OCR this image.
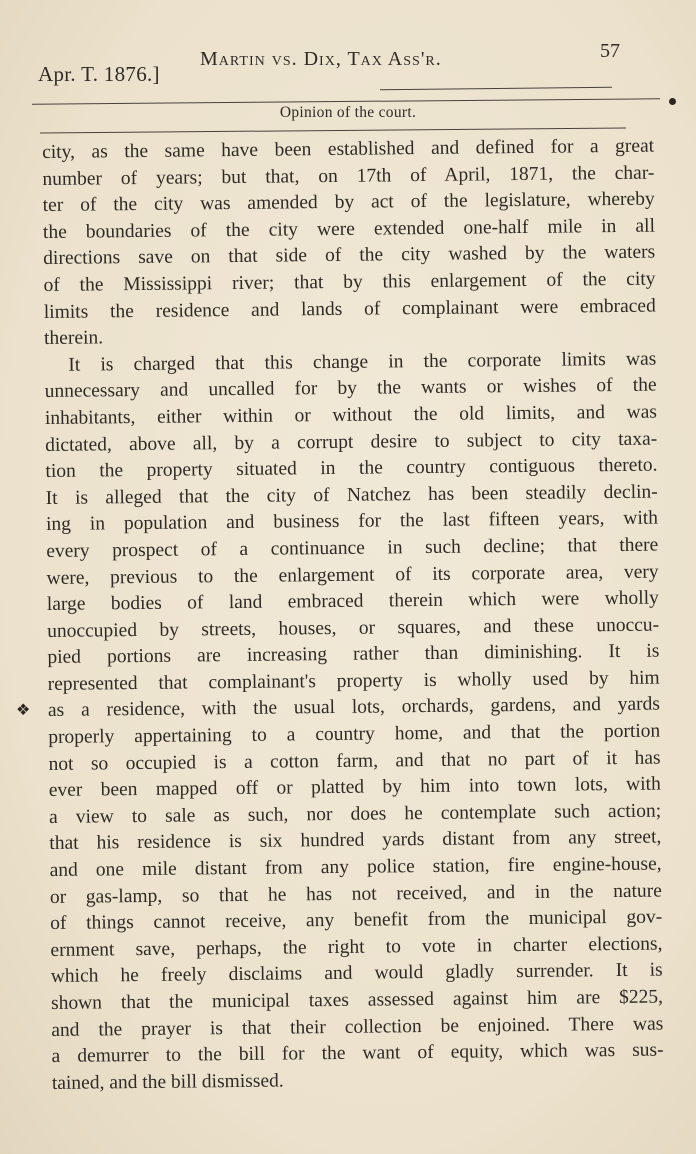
Apr. T. 1876.]
Martin vs. Dix, Tax Ass'r.	57
Opinion of the court.
city, as the same have been established and defined for a great
number of years; but that, on 17th of April, 1871, the char-
ter of the city was amended by act of the legislature, whereby
the boundaries of the city were extended one-half mile in all
directions save on that side of the city washed by the waters
of the Mississippi river; that by this enlargement of the city
limits the residence and lands of complainant were embraced
therein.
It is charged that this change in the corporate limits was
unnecessary and uncalled for by the wants or wishes of the
inhabitants, either within or without the old limits, and was
dictated, above all, by a corrupt desire to subject to city taxa-
tion the property situated in the country contiguous thereto.
It is alleged that the city of Natchez has been steadily declin-
ing in population and business for the last fifteen years, with
every prospect of a continuance in such decline; that there
were, previous to the enlargement of its corporate area, very
large bodies of land embraced therein which were wholly
unoccupied by streets, houses, or squares, and these unoccu-
pied portions are increasing rather than diminishing. It is
represented that complainant's property is wholly used by him
as a residence, with the usual lots, orchards, gardens, and yards
properly appertaining to a country home, and that the portion
not so occupied is a cotton farm, and that no part of it has
ever been mapped off or platted by him into town lots, with
a view to sale as such, nor does he contemplate such action;
that his residence is six hundred yards distant from any street,
and one mile distant from any police station, fire engine-house,
or gas-lamp, so that he has not received, and in the nature
of things cannot receive, any benefit from the municipal gov-
ernment save, perhaps, the right to vote in charter elections,
which he freely disclaims and would gladly surrender. It is
shown that the municipal taxes assessed against him are $225,
and the prayer is that their collection be enjoined. There was
a demurrer to the bill for the want of equity, which was sus-
tained, and the bill dismissed.
❖
